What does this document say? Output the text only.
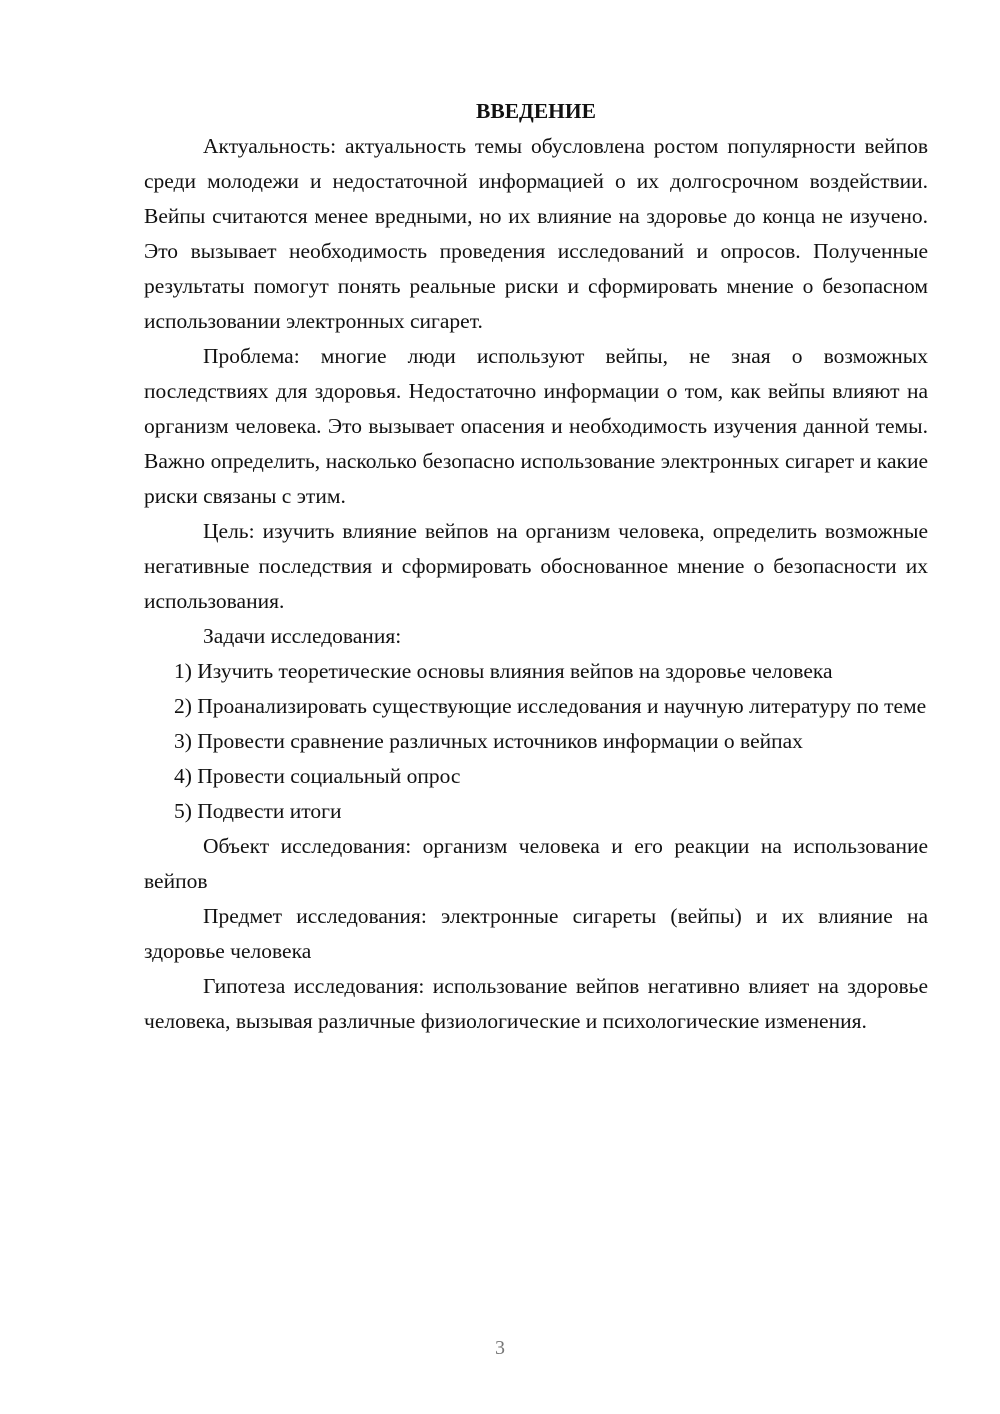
ВВЕДЕНИЕ

Актуальность: актуальность темы обусловлена ростом популярности вейпов среди молодежи и недостаточной информацией о их долгосрочном воздействии. Вейпы считаются менее вредными, но их влияние на здоровье до конца не изучено. Это вызывает необходимость проведения исследований и опросов. Полученные результаты помогут понять реальные риски и сформировать мнение о безопасном использовании электронных сигарет.

Проблема: многие люди используют вейпы, не зная о возможных последствиях для здоровья. Недостаточно информации о том, как вейпы влияют на организм человека. Это вызывает опасения и необходимость изучения данной темы. Важно определить, насколько безопасно использование электронных сигарет и какие риски связаны с этим.

Цель: изучить влияние вейпов на организм человека, определить возможные негативные последствия и сформировать обоснованное мнение о безопасности их использования.

Задачи исследования:

1) Изучить теоретические основы влияния вейпов на здоровье человека

2) Проанализировать существующие исследования и научную литературу по теме

3) Провести сравнение различных источников информации о вейпах

4) Провести социальный опрос

5) Подвести итоги

Объект исследования: организм человека и его реакции на использование вейпов

Предмет исследования: электронные сигареты (вейпы) и их влияние на здоровье человека

Гипотеза исследования: использование вейпов негативно влияет на здоровье человека, вызывая различные физиологические и психологические изменения.

3
